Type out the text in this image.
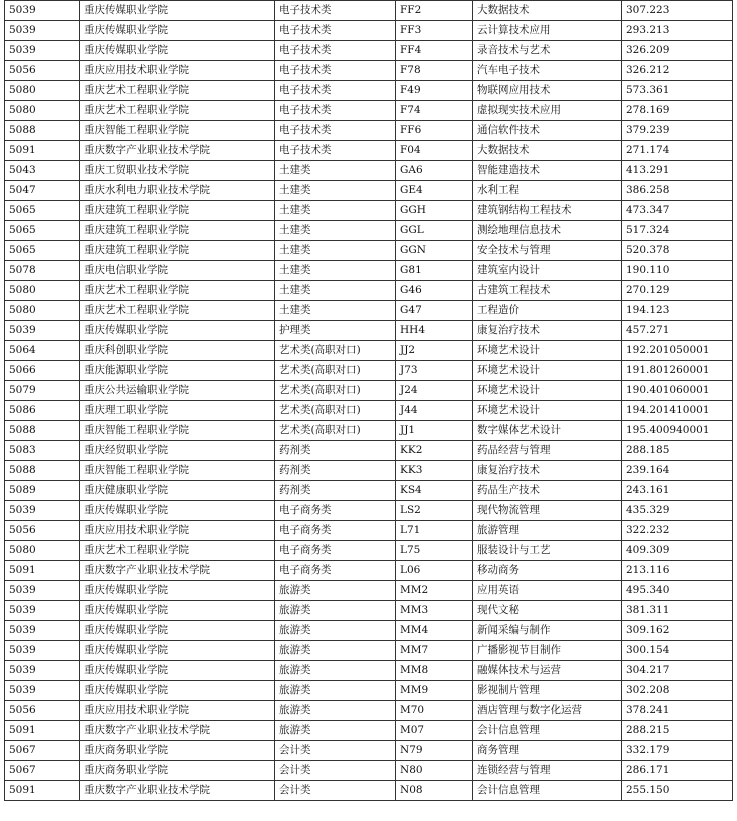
5039	重庆传媒职业学院	电子技术类	FF2	大数据技术	307.223
5039	重庆传媒职业学院	电子技术类	FF3	云计算技术应用	293.213
5039	重庆传媒职业学院	电子技术类	FF4	录音技术与艺术	326.209
5056	重庆应用技术职业学院	电子技术类	F78	汽车电子技术	326.212
5080	重庆艺术工程职业学院	电子技术类	F49	物联网应用技术	573.361
5080	重庆艺术工程职业学院	电子技术类	F74	虚拟现实技术应用	278.169
5088	重庆智能工程职业学院	电子技术类	FF6	通信软件技术	379.239
5091	重庆数字产业职业技术学院	电子技术类	F04	大数据技术	271.174
5043	重庆工贸职业技术学院	土建类	GA6	智能建造技术	413.291
5047	重庆水利电力职业技术学院	土建类	GE4	水利工程	386.258
5065	重庆建筑工程职业学院	土建类	GGH	建筑钢结构工程技术	473.347
5065	重庆建筑工程职业学院	土建类	GGL	测绘地理信息技术	517.324
5065	重庆建筑工程职业学院	土建类	GGN	安全技术与管理	520.378
5078	重庆电信职业学院	土建类	G81	建筑室内设计	190.110
5080	重庆艺术工程职业学院	土建类	G46	古建筑工程技术	270.129
5080	重庆艺术工程职业学院	土建类	G47	工程造价	194.123
5039	重庆传媒职业学院	护理类	HH4	康复治疗技术	457.271
5064	重庆科创职业学院	艺术类(高职对口)	JJ2	环境艺术设计	192.201050001
5066	重庆能源职业学院	艺术类(高职对口)	J73	环境艺术设计	191.801260001
5079	重庆公共运输职业学院	艺术类(高职对口)	J24	环境艺术设计	190.401060001
5086	重庆理工职业学院	艺术类(高职对口)	J44	环境艺术设计	194.201410001
5088	重庆智能工程职业学院	艺术类(高职对口)	JJ1	数字媒体艺术设计	195.400940001
5083	重庆经贸职业学院	药剂类	KK2	药品经营与管理	288.185
5088	重庆智能工程职业学院	药剂类	KK3	康复治疗技术	239.164
5089	重庆健康职业学院	药剂类	KS4	药品生产技术	243.161
5039	重庆传媒职业学院	电子商务类	LS2	现代物流管理	435.329
5056	重庆应用技术职业学院	电子商务类	L71	旅游管理	322.232
5080	重庆艺术工程职业学院	电子商务类	L75	服装设计与工艺	409.309
5091	重庆数字产业职业技术学院	电子商务类	L06	移动商务	213.116
5039	重庆传媒职业学院	旅游类	MM2	应用英语	495.340
5039	重庆传媒职业学院	旅游类	MM3	现代文秘	381.311
5039	重庆传媒职业学院	旅游类	MM4	新闻采编与制作	309.162
5039	重庆传媒职业学院	旅游类	MM7	广播影视节目制作	300.154
5039	重庆传媒职业学院	旅游类	MM8	融媒体技术与运营	304.217
5039	重庆传媒职业学院	旅游类	MM9	影视制片管理	302.208
5056	重庆应用技术职业学院	旅游类	M70	酒店管理与数字化运营	378.241
5091	重庆数字产业职业技术学院	旅游类	M07	会计信息管理	288.215
5067	重庆商务职业学院	会计类	N79	商务管理	332.179
5067	重庆商务职业学院	会计类	N80	连锁经营与管理	286.171
5091	重庆数字产业职业技术学院	会计类	N08	会计信息管理	255.150
